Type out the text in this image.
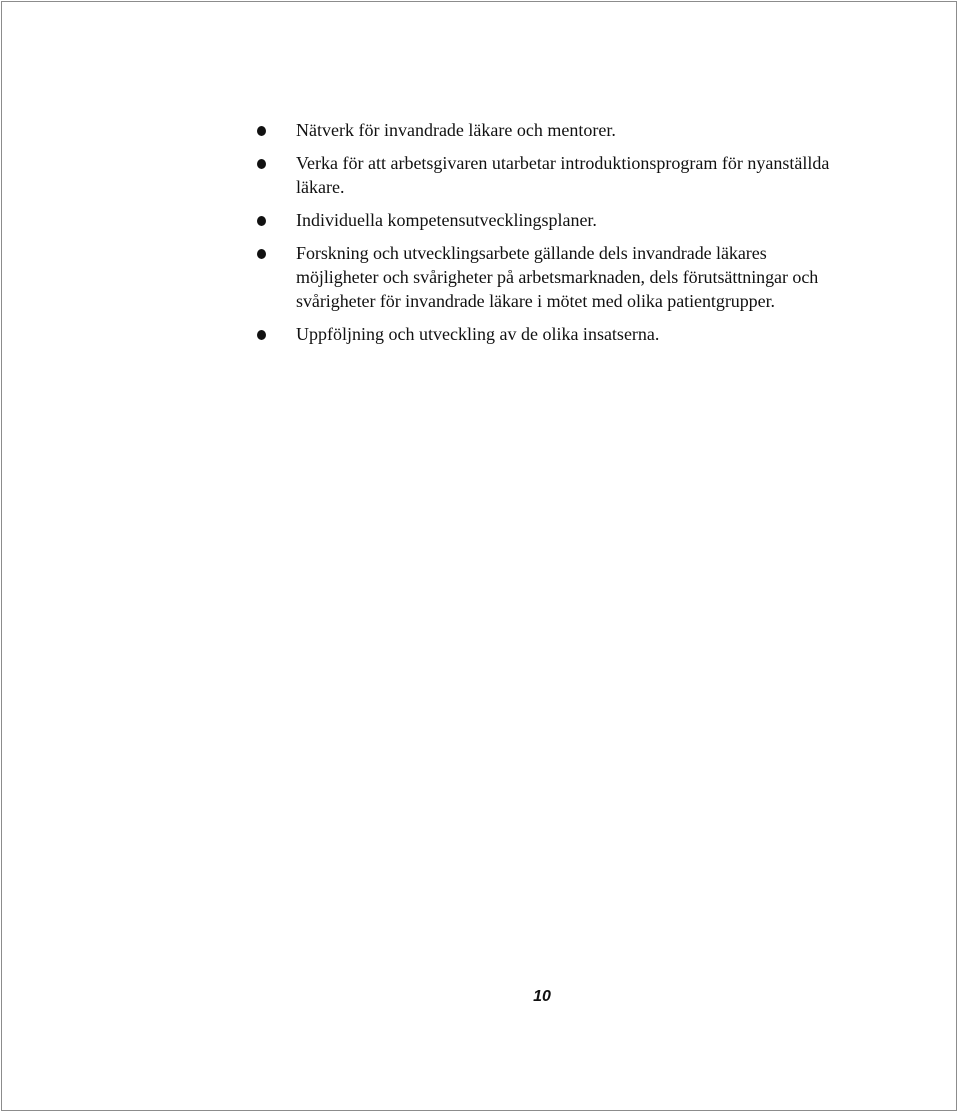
Nätverk för invandrade läkare och mentorer.
Verka för att arbetsgivaren utarbetar introduktionsprogram för nyanställda läkare.
Individuella kompetensutvecklingsplaner.
Forskning och utvecklingsarbete gällande dels invandrade läkares möjligheter och svårigheter på arbetsmarknaden, dels förutsättningar och svårigheter för invandrade läkare i mötet med olika patientgrupper.
Uppföljning och utveckling av de olika insatserna.
10
